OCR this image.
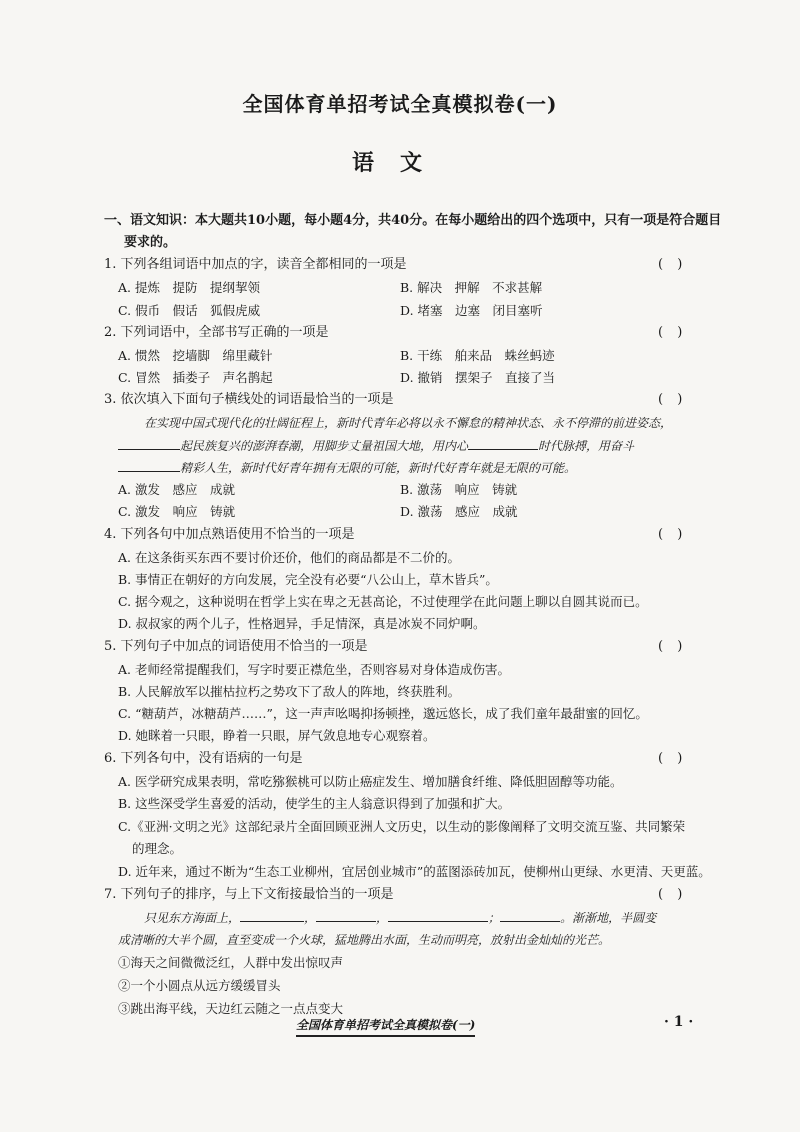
全国体育单招考试全真模拟卷(一)
语文
一、语文知识：本大题共10小题，每小题4分，共40分。在每小题给出的四个选项中，只有一项是符合题目
要求的。
1. 下列各组词语中加点的字，读音全都相同的一项是	( )
A. 提炼　提防　提纲挈领	B. 解决　押解　不求甚解
C. 假币　假话　狐假虎威	D. 堵塞　边塞　闭目塞听
2. 下列词语中，全部书写正确的一项是	( )
A. 惯然　挖墙脚　绵里藏针	B. 干练　舶来品　蛛丝蚂迹
C. 冒然　插娄子　声名鹊起	D. 撤销　摆架子　直接了当
3. 依次填入下面句子横线处的词语最恰当的一项是	( )
在实现中国式现代化的壮阔征程上，新时代青年必将以永不懈怠的精神状态、永不停滞的前进姿态，
起民族复兴的澎湃春潮，用脚步丈量祖国大地，用内心	时代脉搏，用奋斗
精彩人生，新时代好青年拥有无限的可能，新时代好青年就是无限的可能。
A. 激发　感应　成就	B. 激荡　响应　铸就
C. 激发　响应　铸就	D. 激荡　感应　成就
4. 下列各句中加点熟语使用不恰当的一项是	( )
A. 在这条街买东西不要讨价还价，他们的商品都是不二价的。
B. 事情正在朝好的方向发展，完全没有必要“八公山上，草木皆兵”。
C. 据今观之，这种说明在哲学上实在卑之无甚高论，不过使理学在此问题上聊以自圆其说而已。
D. 叔叔家的两个儿子，性格迥异，手足情深，真是冰炭不同炉啊。
5. 下列句子中加点的词语使用不恰当的一项是	( )
A. 老师经常提醒我们，写字时要正襟危坐，否则容易对身体造成伤害。
B. 人民解放军以摧枯拉朽之势攻下了敌人的阵地，终获胜利。
C. “糖葫芦，冰糖葫芦……”，这一声声吆喝抑扬顿挫，邈远悠长，成了我们童年最甜蜜的回忆。
D. 她眯着一只眼，睁着一只眼，屏气敛息地专心观察着。
6. 下列各句中，没有语病的一句是	( )
A. 医学研究成果表明，常吃猕猴桃可以防止癌症发生、增加膳食纤维、降低胆固醇等功能。
B. 这些深受学生喜爱的活动，使学生的主人翁意识得到了加强和扩大。
C.《亚洲·文明之光》这部纪录片全面回顾亚洲人文历史，以生动的影像阐释了文明交流互鉴、共同繁荣
的理念。
D. 近年来，通过不断为“生态工业柳州，宜居创业城市”的蓝图添砖加瓦，使柳州山更绿、水更清、天更蓝。
7. 下列句子的排序，与上下文衔接最恰当的一项是	( )
只见东方海面上，	，	，	；	。渐渐地，半圆变
成清晰的大半个圆，直至变成一个火球，猛地腾出水面，生动而明亮，放射出金灿灿的光芒。
①海天之间微微泛红，人群中发出惊叹声
②一个小圆点从远方缓缓冒头
③跳出海平线，天边红云随之一点点变大
全国体育单招考试全真模拟卷(一)	· 1 ·
